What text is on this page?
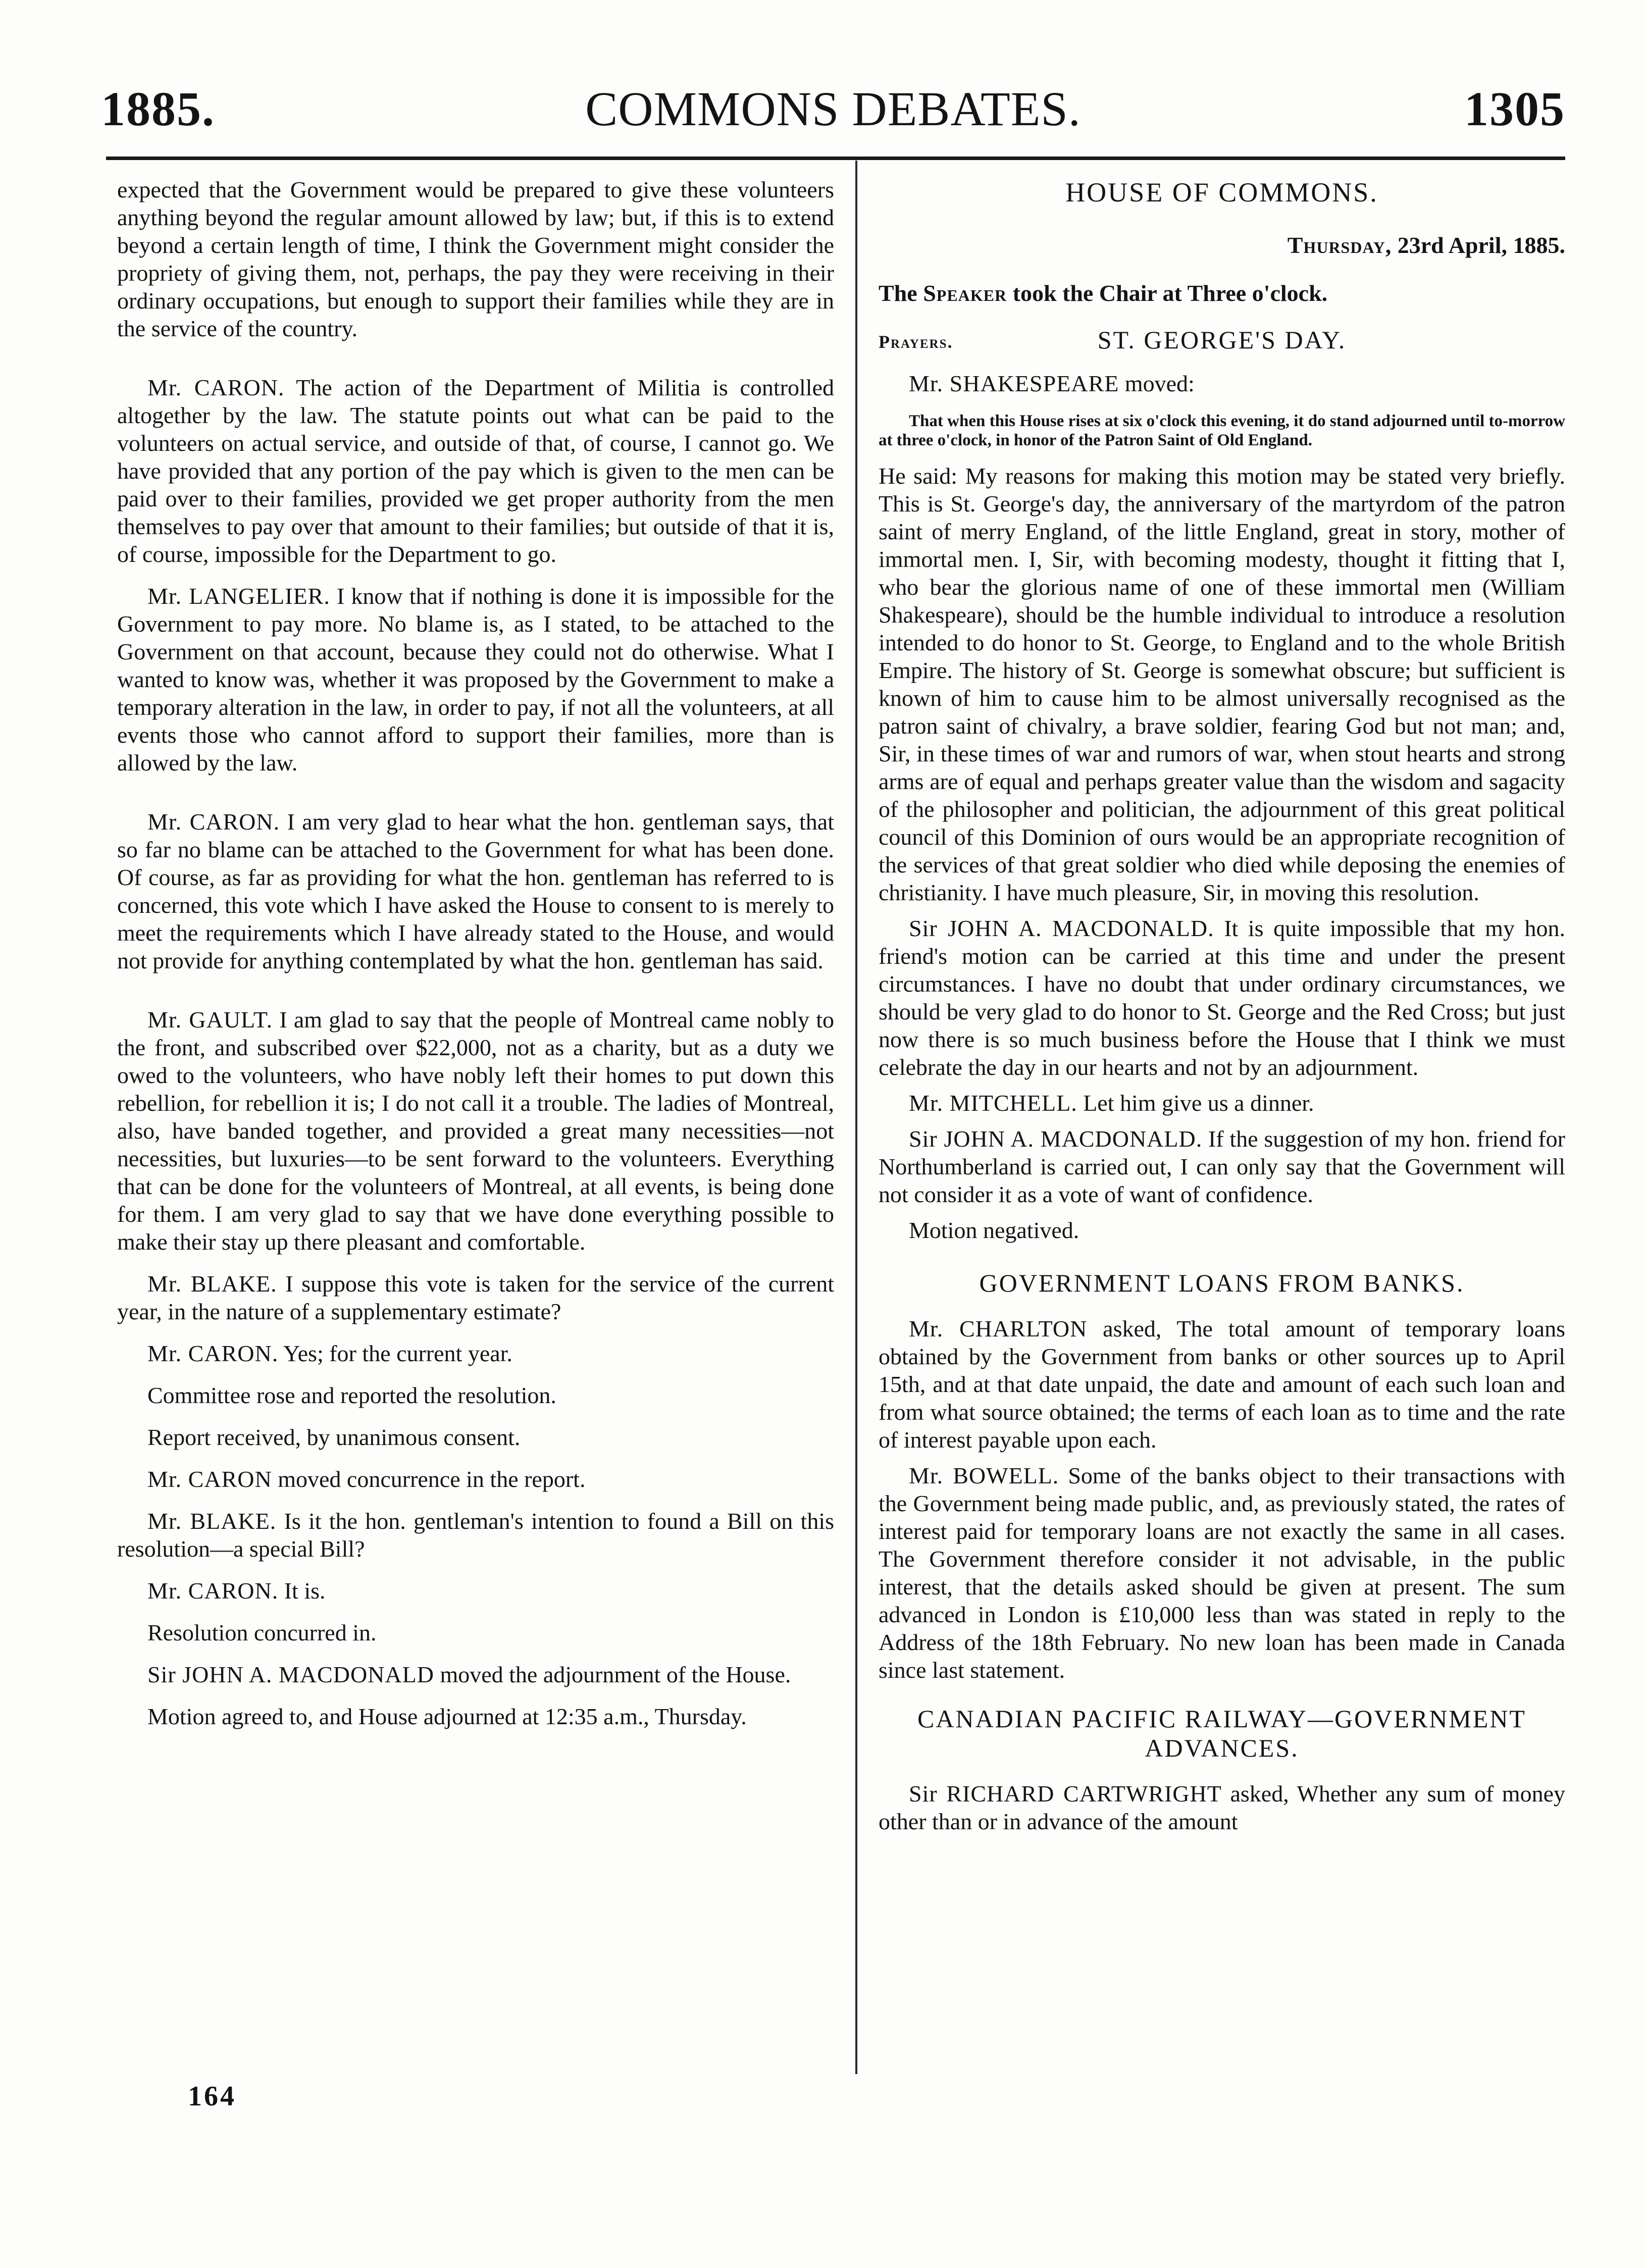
COMMONS DEBATES.
1885.	1305

expected that the Government would be prepared to give these volunteers anything beyond the regular amount allowed by law; but, if this is to extend beyond a certain length of time, I think the Government might consider the propriety of giving them, not, perhaps, the pay they were receiving in their ordinary occupations, but enough to support their families while they are in the service of the country.

Mr. CARON. The action of the Department of Militia is controlled altogether by the law. The statute points out what can be paid to the volunteers on actual service, and outside of that, of course, I cannot go. We have provided that any portion of the pay which is given to the men can be paid over to their families, provided we get proper authority from the men themselves to pay over that amount to their families; but outside of that it is, of course, impossible for the Department to go.

Mr. LANGELIER. I know that if nothing is done it is impossible for the Government to pay more. No blame is, as I stated, to be attached to the Government on that account, because they could not do otherwise. What I wanted to know was, whether it was proposed by the Government to make a temporary alteration in the law, in order to pay, if not all the volunteers, at all events those who cannot afford to support their families, more than is allowed by the law.

Mr. CARON. I am very glad to hear what the hon. gentleman says, that so far no blame can be attached to the Government for what has been done. Of course, as far as providing for what the hon. gentleman has referred to is concerned, this vote which I have asked the House to consent to is merely to meet the requirements which I have already stated to the House, and would not provide for anything contemplated by what the hon. gentleman has said.

Mr. GAULT. I am glad to say that the people of Montreal came nobly to the front, and subscribed over $22,000, not as a charity, but as a duty we owed to the volunteers, who have nobly left their homes to put down this rebellion, for rebellion it is; I do not call it a trouble. The ladies of Montreal, also, have banded together, and provided a great many necessities—not necessities, but luxuries—to be sent forward to the volunteers. Everything that can be done for the volunteers of Montreal, at all events, is being done for them. I am very glad to say that we have done everything possible to make their stay up there pleasant and comfortable.

Mr. BLAKE. I suppose this vote is taken for the service of the current year, in the nature of a supplementary estimate?

Mr. CARON. Yes; for the current year.

Committee rose and reported the resolution.

Report received, by unanimous consent.

Mr. CARON moved concurrence in the report.

Mr. BLAKE. Is it the hon. gentleman's intention to found a Bill on this resolution—a special Bill?

Mr. CARON. It is.

Resolution concurred in.

Sir JOHN A. MACDONALD moved the adjournment of the House.

Motion agreed to, and House adjourned at 12:35 a.m., Thursday.

164
HOUSE OF COMMONS.
Thursday, 23rd April, 1885.
The Speaker took the Chair at Three o'clock.
Prayers.	ST. GEORGE'S DAY.

Mr. SHAKESPEARE moved:

That when this House rises at six o'clock this evening, it do stand adjourned until to-morrow at three o'clock, in honor of the Patron Saint of Old England.

He said: My reasons for making this motion may be stated very briefly. This is St. George's day, the anniversary of the martyrdom of the patron saint of merry England, of the little England, great in story, mother of immortal men. I, Sir, with becoming modesty, thought it fitting that I, who bear the glorious name of one of these immortal men (William Shakespeare), should be the humble individual to introduce a resolution intended to do honor to St. George, to England and to the whole British Empire. The history of St. George is somewhat obscure; but sufficient is known of him to cause him to be almost universally recognised as the patron saint of chivalry, a brave soldier, fearing God but not man; and, Sir, in these times of war and rumors of war, when stout hearts and strong arms are of equal and perhaps greater value than the wisdom and sagacity of the philosopher and politician, the adjournment of this great political council of this Dominion of ours would be an appropriate recognition of the services of that great soldier who died while deposing the enemies of christianity. I have much pleasure, Sir, in moving this resolution.

Sir JOHN A. MACDONALD. It is quite impossible that my hon. friend's motion can be carried at this time and under the present circumstances. I have no doubt that under ordinary circumstances, we should be very glad to do honor to St. George and the Red Cross; but just now there is so much business before the House that I think we must celebrate the day in our hearts and not by an adjournment.

Mr. MITCHELL. Let him give us a dinner.

Sir JOHN A. MACDONALD. If the suggestion of my hon. friend for Northumberland is carried out, I can only say that the Government will not consider it as a vote of want of confidence.

Motion negatived.

GOVERNMENT LOANS FROM BANKS.

Mr. CHARLTON asked, The total amount of temporary loans obtained by the Government from banks or other sources up to April 15th, and at that date unpaid, the date and amount of each such loan and from what source obtained; the terms of each loan as to time and the rate of interest payable upon each.

Mr. BOWELL. Some of the banks object to their transactions with the Government being made public, and, as previously stated, the rates of interest paid for temporary loans are not exactly the same in all cases. The Government therefore consider it not advisable, in the public interest, that the details asked should be given at present. The sum advanced in London is £10,000 less than was stated in reply to the Address of the 18th February. No new loan has been made in Canada since last statement.

CANADIAN PACIFIC RAILWAY—GOVERNMENT ADVANCES.

Sir RICHARD CARTWRIGHT asked, Whether any sum of money other than or in advance of the amount
